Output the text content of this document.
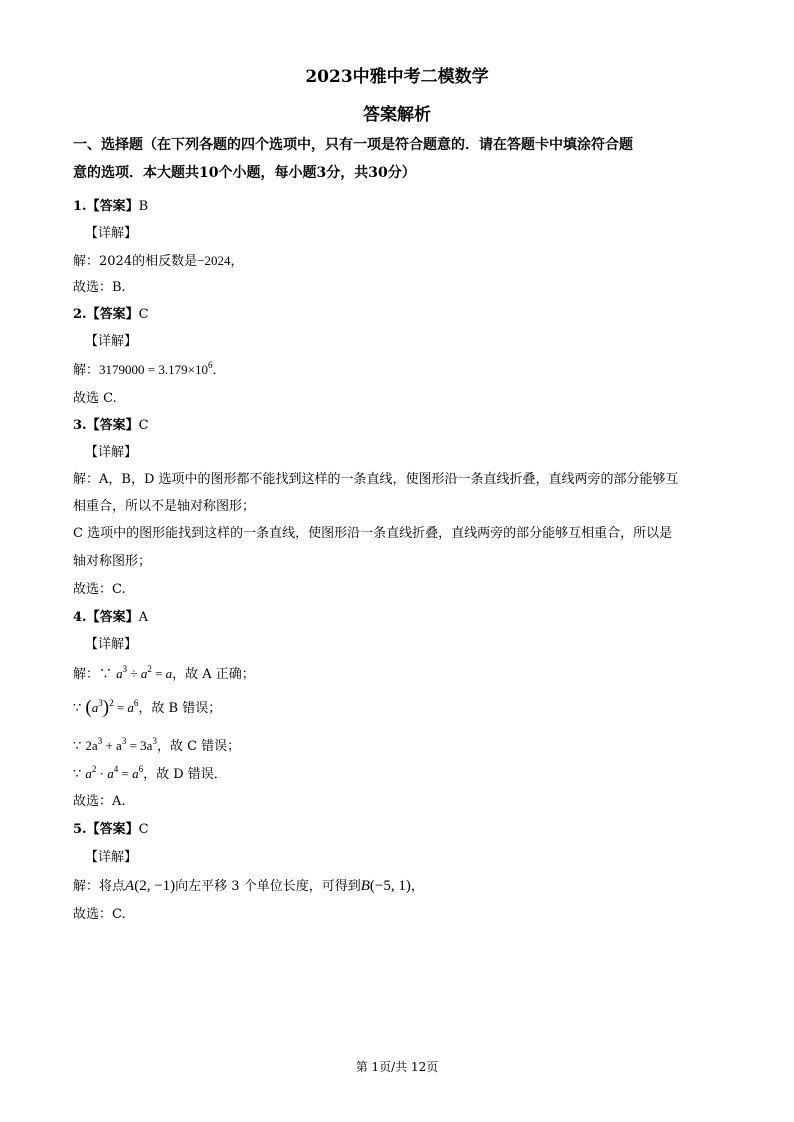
2023中雅中考二模数学
答案解析
一、选择题（在下列各题的四个选项中，只有一项是符合题意的．请在答题卡中填涂符合题
意的选项．本大题共10个小题，每小题3分，共30分）
1.【答案】B
【详解】
解：2024的相反数是−2024，
故选：B.
2.【答案】C
【详解】
解：$3179000 = 3.179\times 10^6$．
故选 C.
3.【答案】C
【详解】
解：A，B，D 选项中的图形都不能找到这样的一条直线，使图形沿一条直线折叠，直线两旁的部分能够互
相重合，所以不是轴对称图形；
C 选项中的图形能找到这样的一条直线，使图形沿一条直线折叠，直线两旁的部分能够互相重合，所以是
轴对称图形；
故选：C.
4.【答案】A
【详解】
解：∵ $a^3 \div a^2 = a$，故 A 正确；
∵ $(a^3)^2 = a^6$，故 B 错误；
∵ $2a^3 + a^3 = 3a^3$，故 C 错误；
∵ $a^2 \cdot a^4 = a^6$，故 D 错误．
故选：A.
5.【答案】C
【详解】
解：将点A(2, −1)向左平移 3 个单位长度，可得到B(−5, 1)，
故选：C.
第 1页/共 12页
